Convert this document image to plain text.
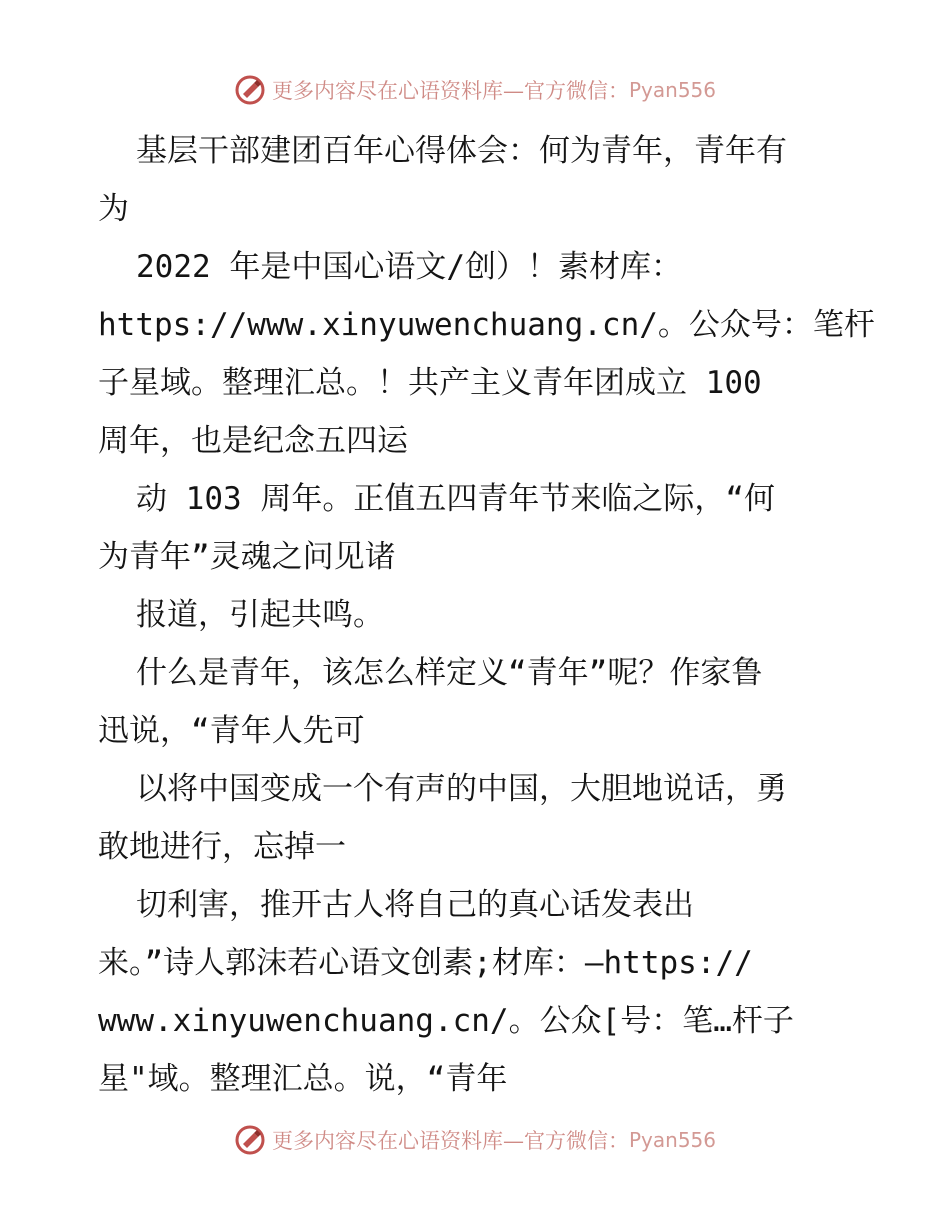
更多内容尽在心语资料库—官方微信： Pyan556
基层干部建团百年心得体会：何为青年，青年有
为
2022 年是中国心语文/创）！素材库：
https://www.xinyuwenchuang.cn/。公众号：笔杆
子星域。整理汇总。！共产主义青年团成立 100
周年，也是纪念五四运
动 103 周年。正值五四青年节来临之际，“何
为青年”灵魂之问见诸
报道，引起共鸣。
什么是青年，该怎么样定义“青年”呢？作家鲁
迅说，“青年人先可
以将中国变成一个有声的中国，大胆地说话，勇
敢地进行，忘掉一
切利害，推开古人将自己的真心话发表出
来。”诗人郭沫若心语文创素;材库：—https://
www.xinyuwenchuang.cn/。公众[号：笔…杆子
星"域。整理汇总。说，“青年
更多内容尽在心语资料库—官方微信： Pyan556
